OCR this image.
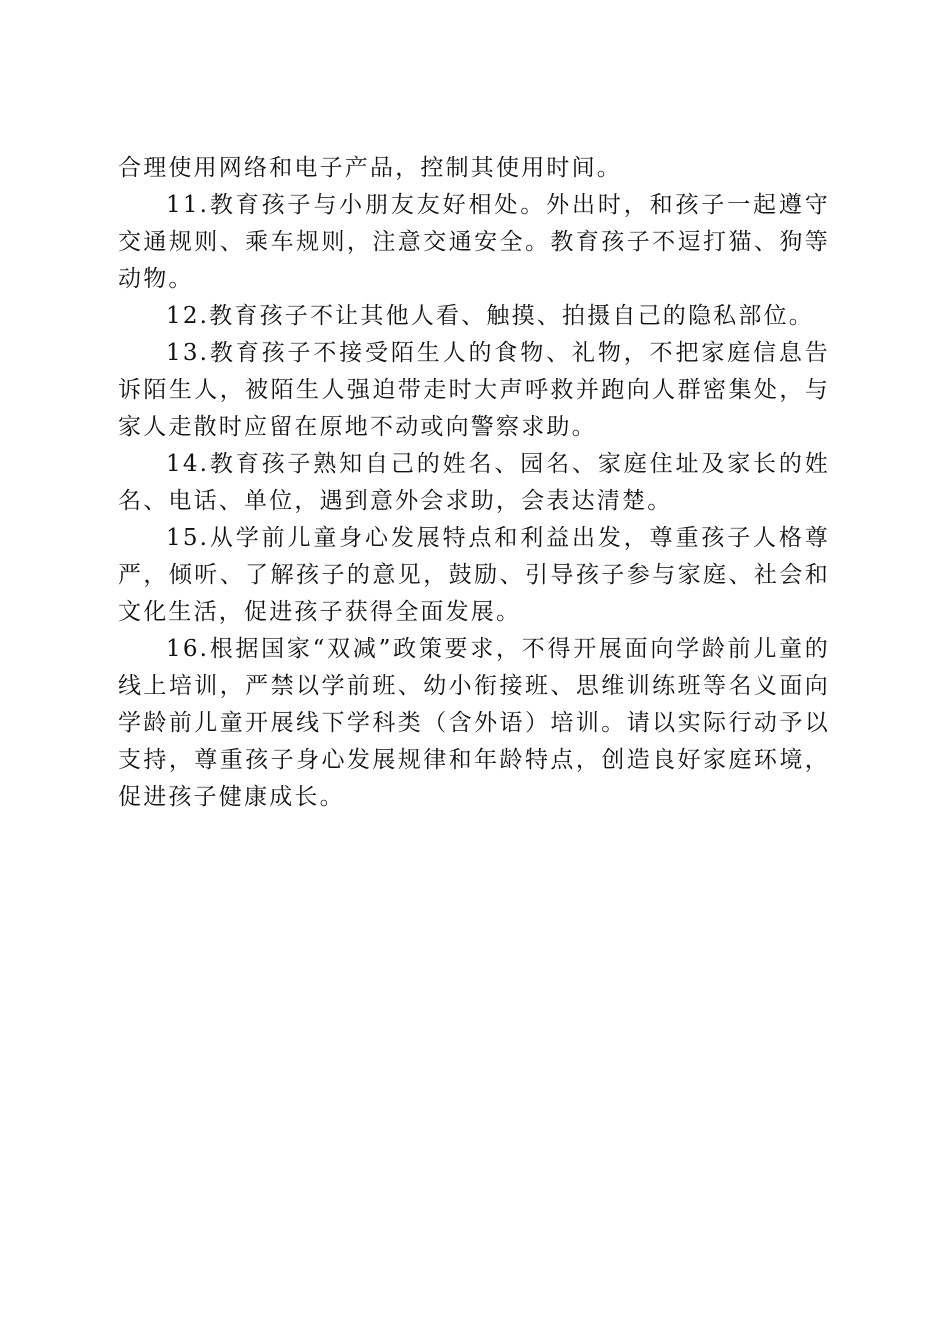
合理使用网络和电子产品，控制其使用时间。

11.教育孩子与小朋友友好相处。外出时，和孩子一起遵守交通规则、乘车规则，注意交通安全。教育孩子不逗打猫、狗等动物。

12.教育孩子不让其他人看、触摸、拍摄自己的隐私部位。

13.教育孩子不接受陌生人的食物、礼物，不把家庭信息告诉陌生人，被陌生人强迫带走时大声呼救并跑向人群密集处，与家人走散时应留在原地不动或向警察求助。

14.教育孩子熟知自己的姓名、园名、家庭住址及家长的姓名、电话、单位，遇到意外会求助，会表达清楚。

15.从学前儿童身心发展特点和利益出发，尊重孩子人格尊严，倾听、了解孩子的意见，鼓励、引导孩子参与家庭、社会和文化生活，促进孩子获得全面发展。

16.根据国家“双减”政策要求，不得开展面向学龄前儿童的线上培训，严禁以学前班、幼小衔接班、思维训练班等名义面向学龄前儿童开展线下学科类（含外语）培训。请以实际行动予以支持，尊重孩子身心发展规律和年龄特点，创造良好家庭环境，促进孩子健康成长。
